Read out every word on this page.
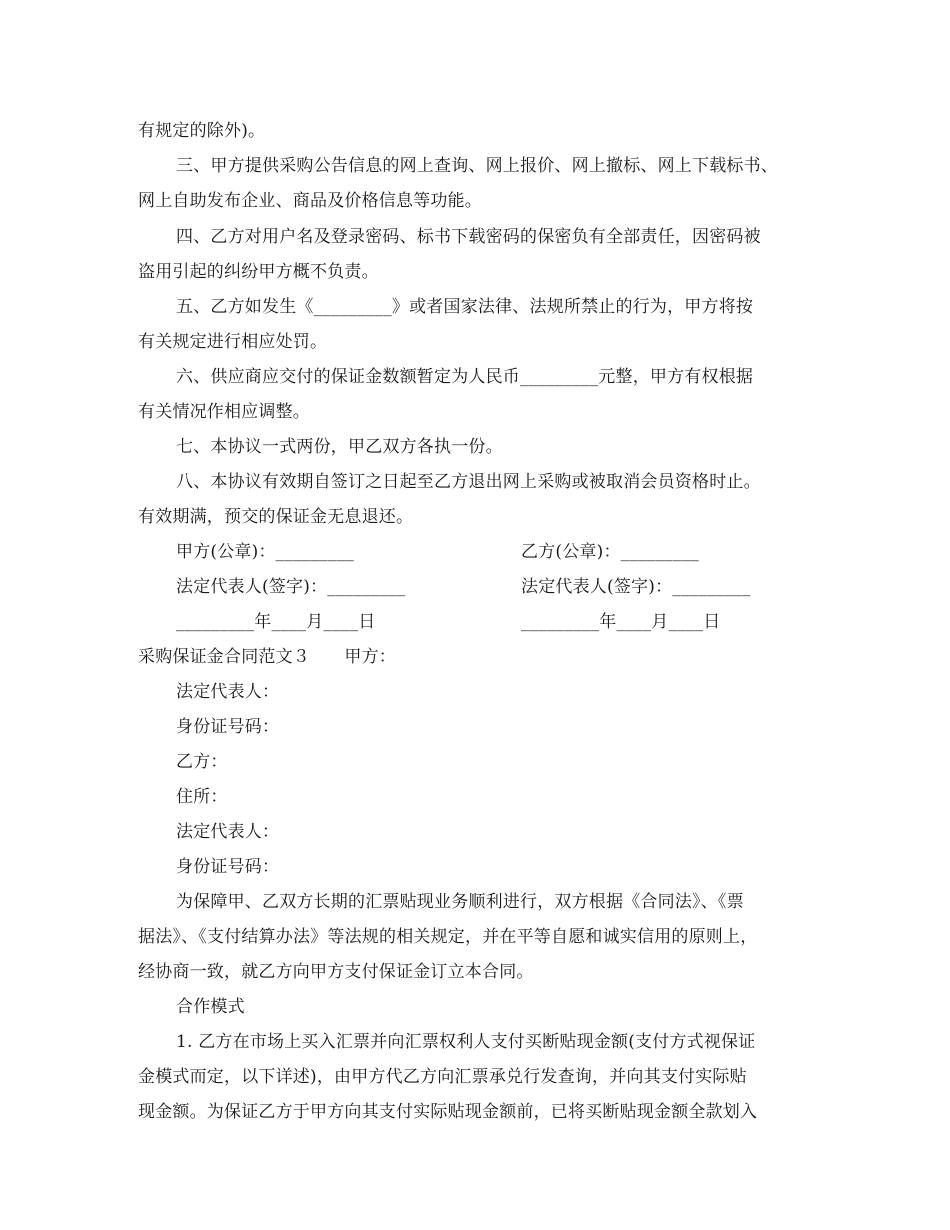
有规定的除外)。
三、甲方提供采购公告信息的网上查询、网上报价、网上撤标、网上下载标书、
网上自助发布企业、商品及价格信息等功能。
四、乙方对用户名及登录密码、标书下载密码的保密负有全部责任，因密码被
盗用引起的纠纷甲方概不负责。
五、乙方如发生《_________》或者国家法律、法规所禁止的行为，甲方将按
有关规定进行相应处罚。
六、供应商应交付的保证金数额暂定为人民币_________元整，甲方有权根据
有关情况作相应调整。
七、本协议一式两份，甲乙双方各执一份。
八、本协议有效期自签订之日起至乙方退出网上采购或被取消会员资格时止。
有效期满，预交的保证金无息退还。
甲方(公章)：_________	乙方(公章)：_________
法定代表人(签字)：_________	法定代表人(签字)：_________
_________年____月____日	_________年____月____日
采购保证金合同范文３　　甲方：
法定代表人：
身份证号码：
乙方：
住所：
法定代表人：
身份证号码：
为保障甲、乙双方长期的汇票贴现业务顺利进行，双方根据《合同法》、《票
据法》、《支付结算办法》等法规的相关规定，并在平等自愿和诚实信用的原则上，
经协商一致，就乙方向甲方支付保证金订立本合同。
合作模式
1. 乙方在市场上买入汇票并向汇票权利人支付买断贴现金额(支付方式视保证
金模式而定，以下详述)，由甲方代乙方向汇票承兑行发查询，并向其支付实际贴
现金额。为保证乙方于甲方向其支付实际贴现金额前，已将买断贴现金额全款划入
